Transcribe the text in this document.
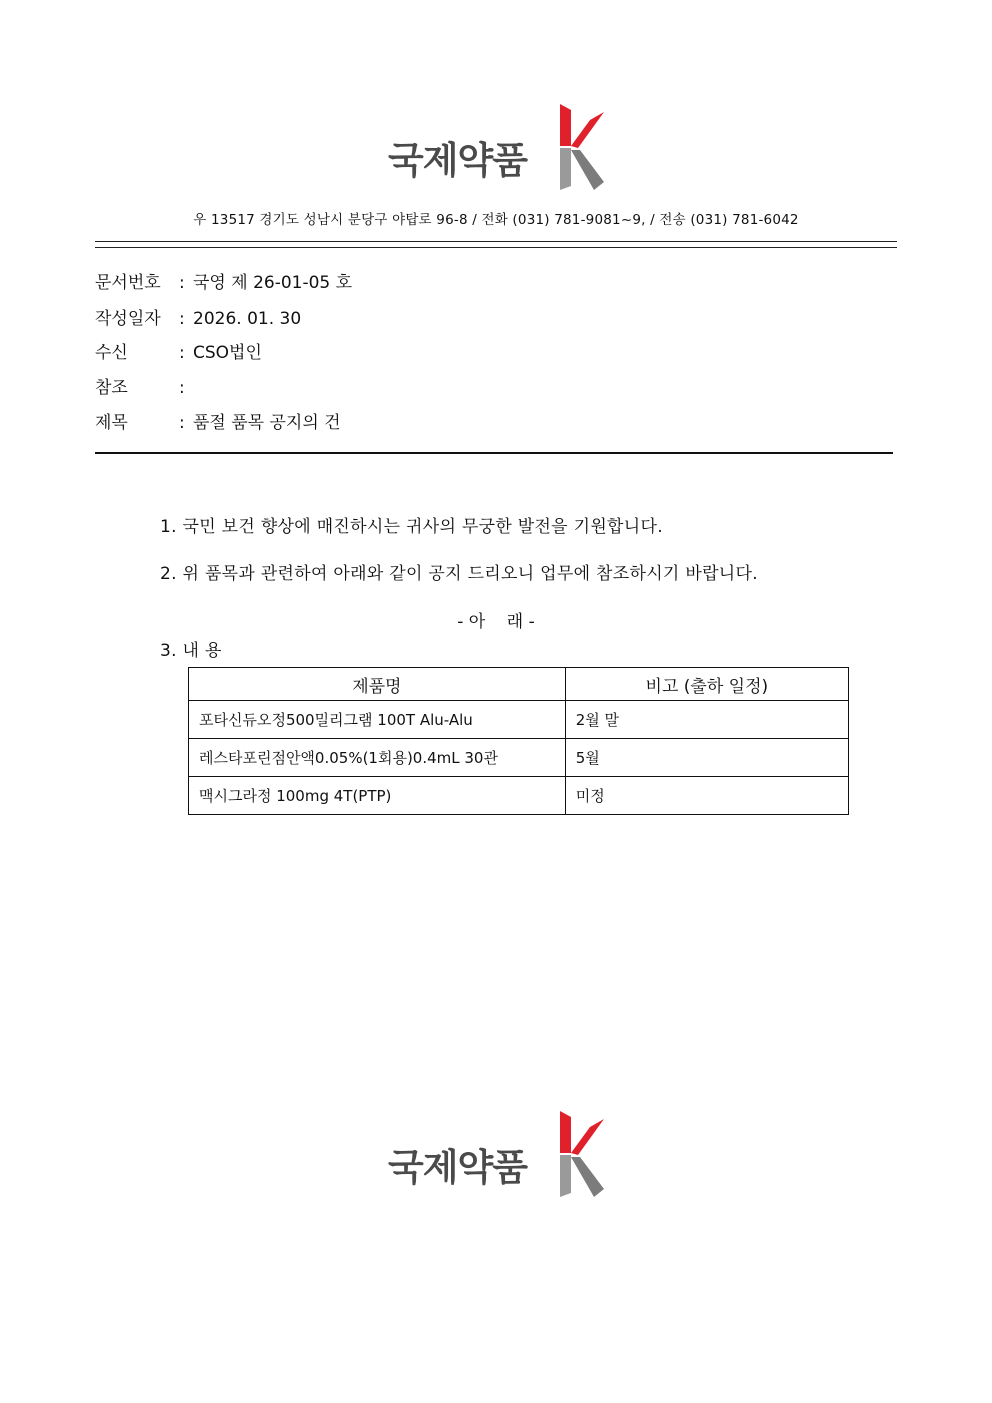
국제약품
우 13517 경기도 성남시 분당구 야탑로 96-8 / 전화 (031) 781-9081~9, / 전송 (031) 781-6042
문서번호 : 국영 제 26-01-05 호
작성일자 : 2026. 01. 30
수신	: CSO법인
참조	:
제목	: 품절 품목 공지의 건
1. 국민 보건 향상에 매진하시는 귀사의 무궁한 발전을 기원합니다.
2. 위 품목과 관련하여 아래와 같이 공지 드리오니 업무에 참조하시기 바랍니다.
- 아    래 -
3. 내 용
제품명	비고 (출하 일정)
포타신듀오정500밀리그램 100T Alu-Alu	2월 말
레스타포린점안액0.05%(1회용)0.4mL 30관	5월
맥시그라정 100mg 4T(PTP)	미정
국제약품
